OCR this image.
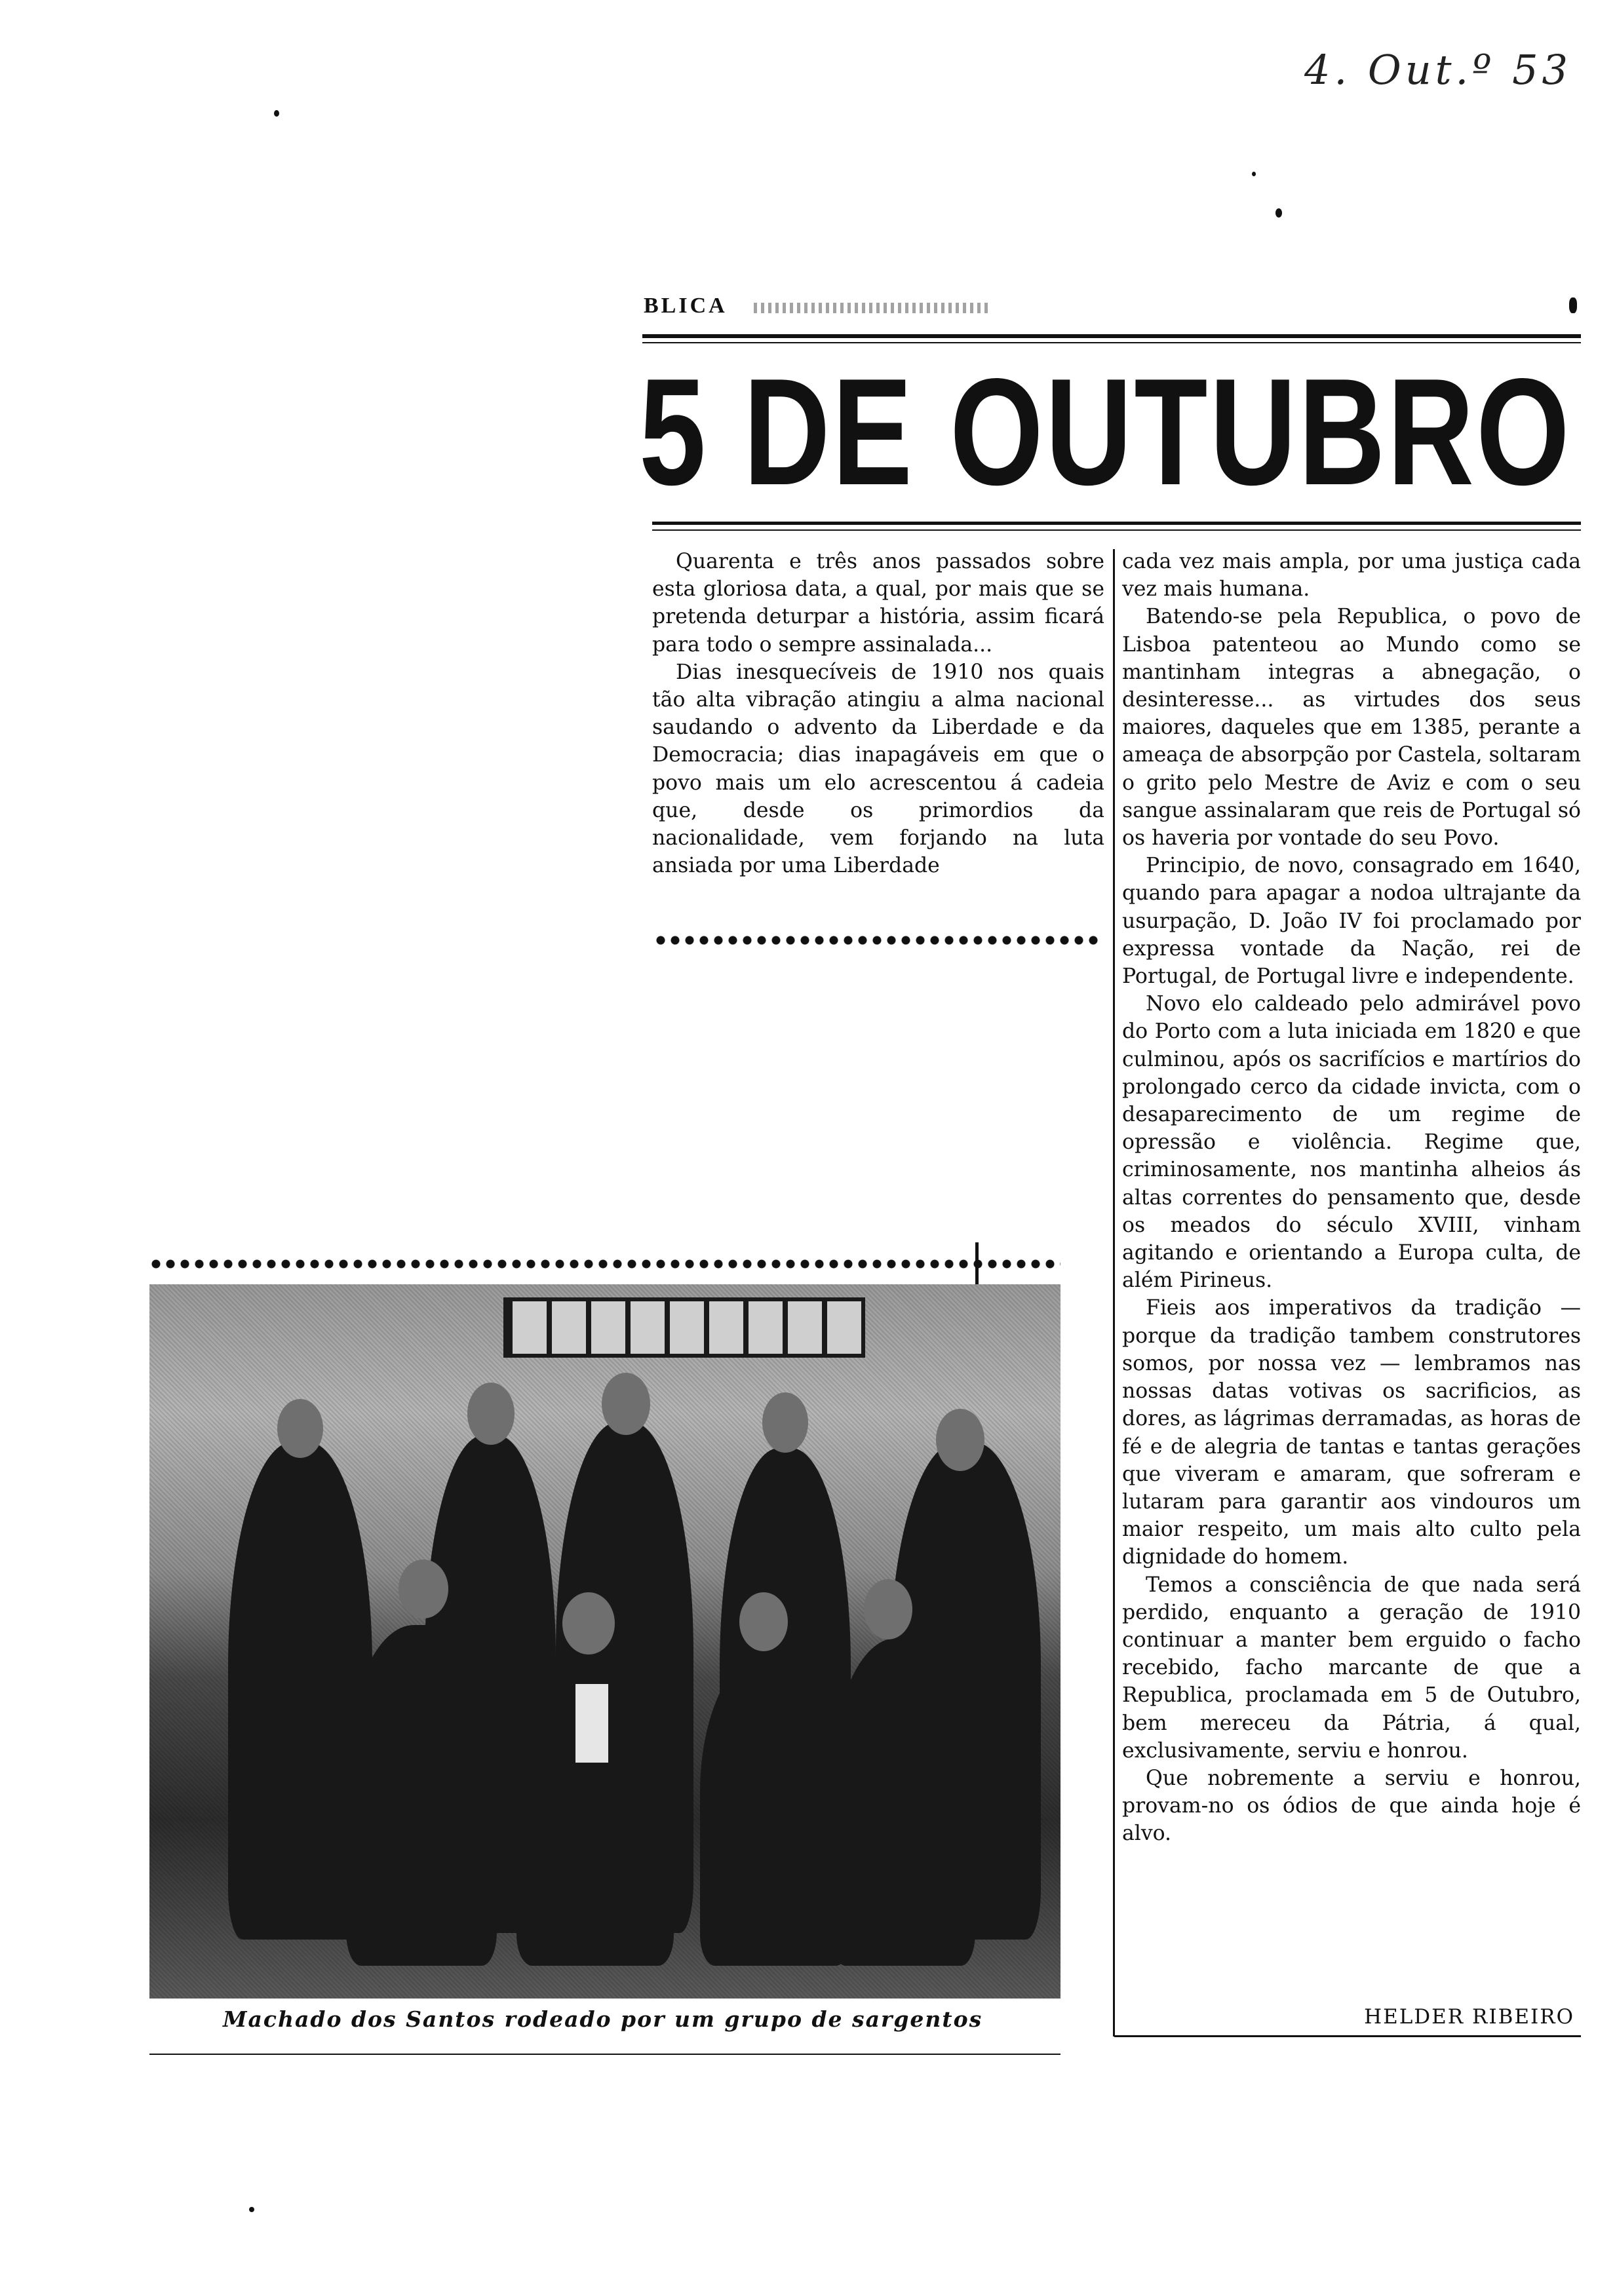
4. Out.º 53
BLICA
5 DE OUTUBRO

Quarenta e três anos passados sobre esta gloriosa data, a qual, por mais que se pretenda deturpar a história, assim ficará para todo o sempre assinalada...

Dias inesquecíveis de 1910 nos quais tão alta vibração atingiu a alma nacional saudando o advento da Liberdade e da Democracia; dias inapagáveis em que o povo mais um elo acrescentou á cadeia que, desde os primordios da nacionalidade, vem forjando na luta ansiada por uma Liberdade

cada vez mais ampla, por uma justiça cada vez mais humana.

Batendo-se pela Republica, o povo de Lisboa patenteou ao Mundo como se mantinham integras a abnegação, o desinteresse... as virtudes dos seus maiores, daqueles que em 1385, perante a ameaça de absorpção por Castela, soltaram o grito pelo Mestre de Aviz e com o seu sangue assinalaram que reis de Portugal só os haveria por vontade do seu Povo.

Principio, de novo, consagrado em 1640, quando para apagar a nodoa ultrajante da usurpação, D. João IV foi proclamado por expressa vontade da Nação, rei de Portugal, de Portugal livre e independente.

Novo elo caldeado pelo admirável povo do Porto com a luta iniciada em 1820 e que culminou, após os sacrifícios e martírios do prolongado cerco da cidade invicta, com o desaparecimento de um regime de opressão e violência. Regime que, criminosamente, nos mantinha alheios ás altas correntes do pensamento que, desde os meados do século XVIII, vinham agitando e orientando a Europa culta, de além Pirineus.

Fieis aos imperativos da tradição — porque da tradição tambem construtores somos, por nossa vez — lembramos nas nossas datas votivas os sacrificios, as dores, as lágrimas derramadas, as horas de fé e de alegria de tantas e tantas gerações que viveram e amaram, que sofreram e lutaram para garantir aos vindouros um maior respeito, um mais alto culto pela dignidade do homem.

Temos a consciência de que nada será perdido, enquanto a geração de 1910 continuar a manter bem erguido o facho recebido, facho marcante de que a Republica, proclamada em 5 de Outubro, bem mereceu da Pátria, á qual, exclusivamente, serviu e honrou.

Que nobremente a serviu e honrou, provam-no os ódios de que ainda hoje é alvo.

Machado dos Santos rodeado por um grupo de sargentos	HELDER RIBEIRO
